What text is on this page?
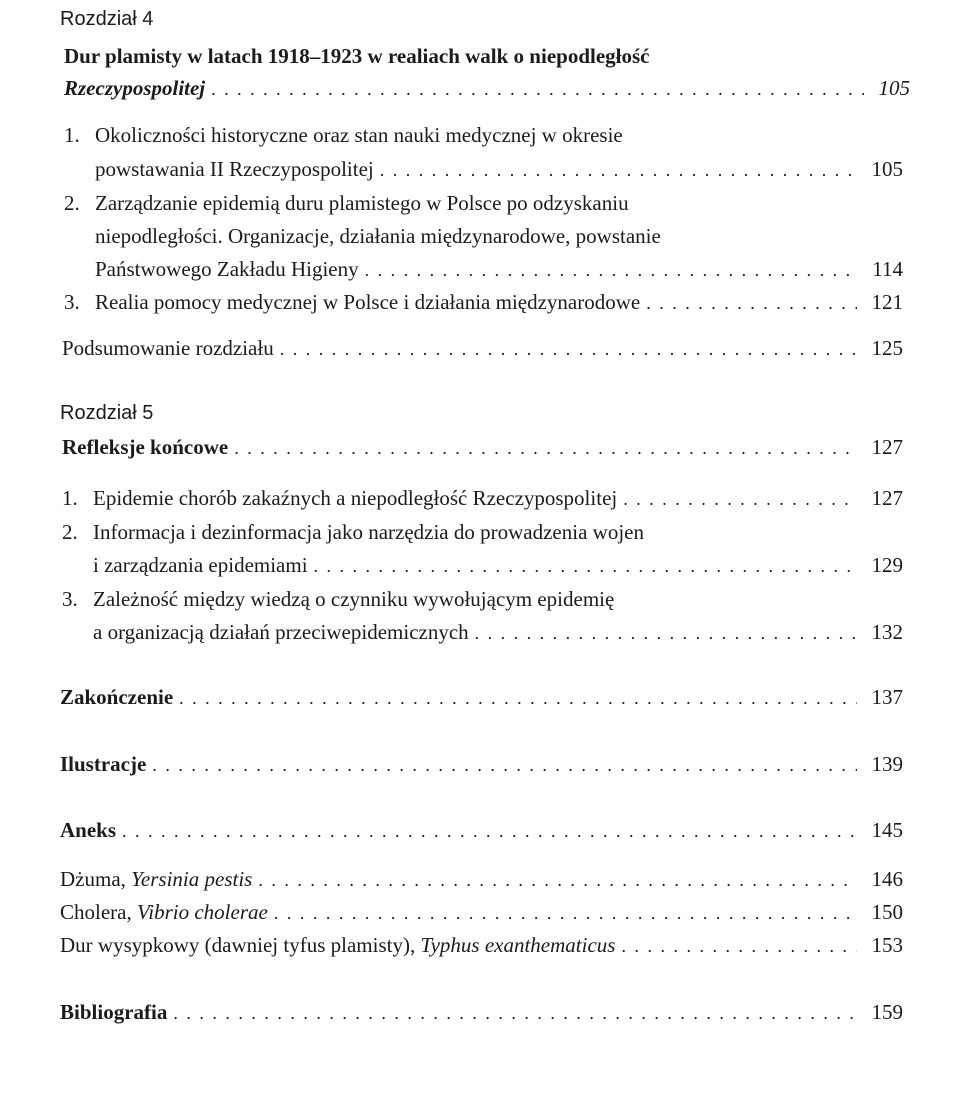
Rozdział 4
Dur plamisty w latach 1918–1923 w realiach walk o niepodległość
Rzeczypospolitej . . .	105
1. Okoliczności historyczne oraz stan nauki medycznej w okresie
powstawania II Rzeczypospolitej . . .	105
2. Zarządzanie epidemią duru plamistego w Polsce po odzyskaniu
niepodległości. Organizacje, działania międzynarodowe, powstanie
Państwowego Zakładu Higieny . . .	114
3. Realia pomocy medycznej w Polsce i działania międzynarodowe . . .	121
Podsumowanie rozdziału . . .	125
Rozdział 5
Refleksje końcowe . . .	127
1. Epidemie chorób zakaźnych a niepodległość Rzeczypospolitej . . .	127
2. Informacja i dezinformacja jako narzędzia do prowadzenia wojen
i zarządzania epidemiami . . .	129
3. Zależność między wiedzą o czynniku wywołującym epidemię
a organizacją działań przeciwepidemicznych . . .	132
Zakończenie . . .	137
Ilustracje . . .	139
Aneks . . .	145
Dżuma, Yersinia pestis . . .	146
Cholera, Vibrio cholerae . . .	150
Dur wysypkowy (dawniej tyfus plamisty), Typhus exanthematicus . . .	153
Bibliografia . . .	159
